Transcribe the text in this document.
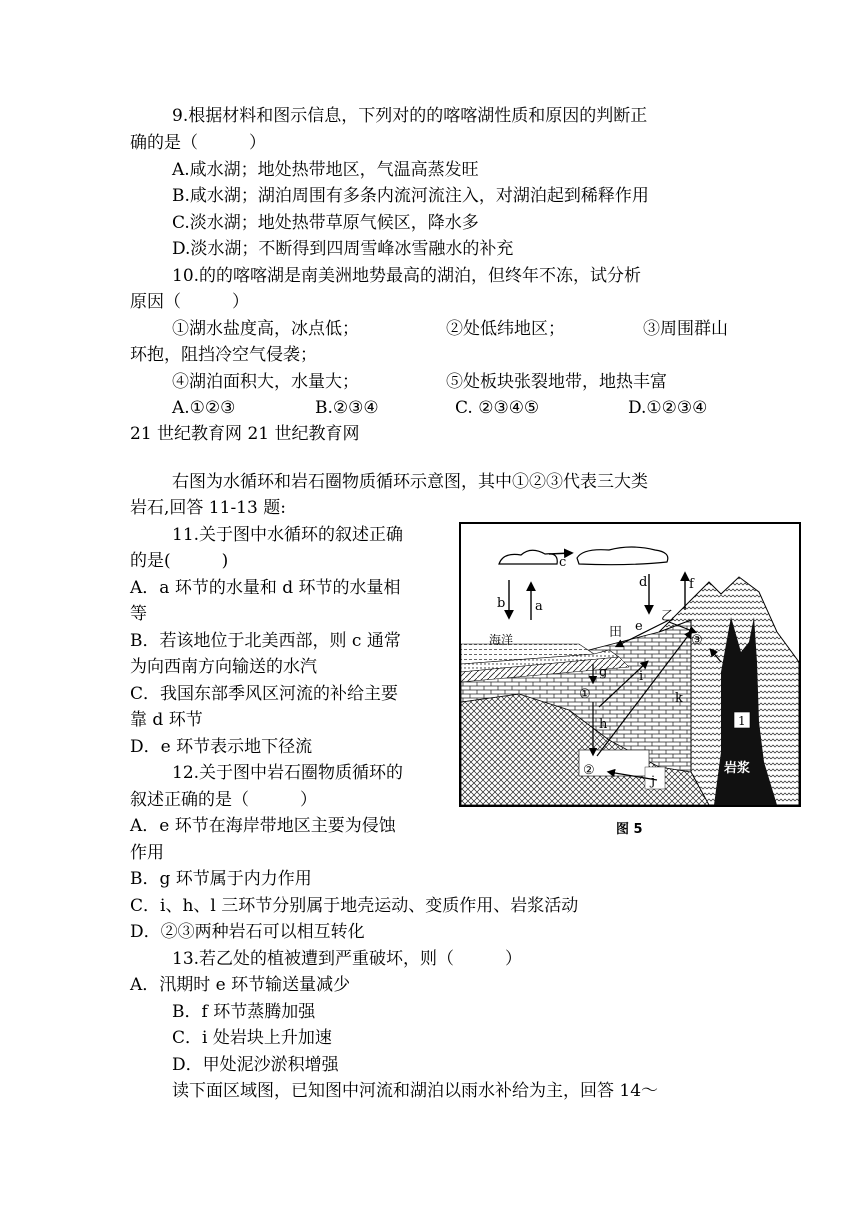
9.根据材料和图示信息，下列对的的喀喀湖性质和原因的判断正
确的是（　　　）
A.咸水湖；地处热带地区，气温高蒸发旺
B.咸水湖；湖泊周围有多条内流河流注入，对湖泊起到稀释作用
C.淡水湖；地处热带草原气候区，降水多
D.淡水湖；不断得到四周雪峰冰雪融水的补充
10.的的喀喀湖是南美洲地势最高的湖泊，但终年不冻，试分析
原因（　　　）
①湖水盐度高，冰点低；	②处低纬地区；	③周围群山
环抱，阻挡冷空气侵袭；
④湖泊面积大，水量大；	⑤处板块张裂地带，地热丰富
A.①②③	B.②③④	C. ②③④⑤	D.①②③④
21 世纪教育网 21 世纪教育网
右图为水循环和岩石圈物质循环示意图，其中①②③代表三大类
岩石,回答 11-13 题:
11.关于图中水循环的叙述正确
的是(　　　)
A．a 环节的水量和 d 环节的水量相
等
B．若该地位于北美西部，则 c 通常
为向西南方向输送的水汽
C．我国东部季风区河流的补给主要
靠 d 环节
D．e 环节表示地下径流
12.关于图中岩石圈物质循环的
叙述正确的是（　　　）
A．e 环节在海岸带地区主要为侵蚀
作用
B．g 环节属于内力作用
C．i、h、l 三环节分别属于地壳运动、变质作用、岩浆活动
D．②③两种岩石可以相互转化
13.若乙处的植被遭到严重破坏，则（　　　）
A．汛期时 e 环节输送量减少
B．f 环节蒸腾加强
C．i 处岩块上升加速
D．甲处泥沙淤积增强
读下面区域图，已知图中河流和湖泊以雨水补给为主，回答 14～
c
b a
d	f
乙
e
田
③
海洋
g
①
i
k
h	1
②
j
岩浆
图 5
